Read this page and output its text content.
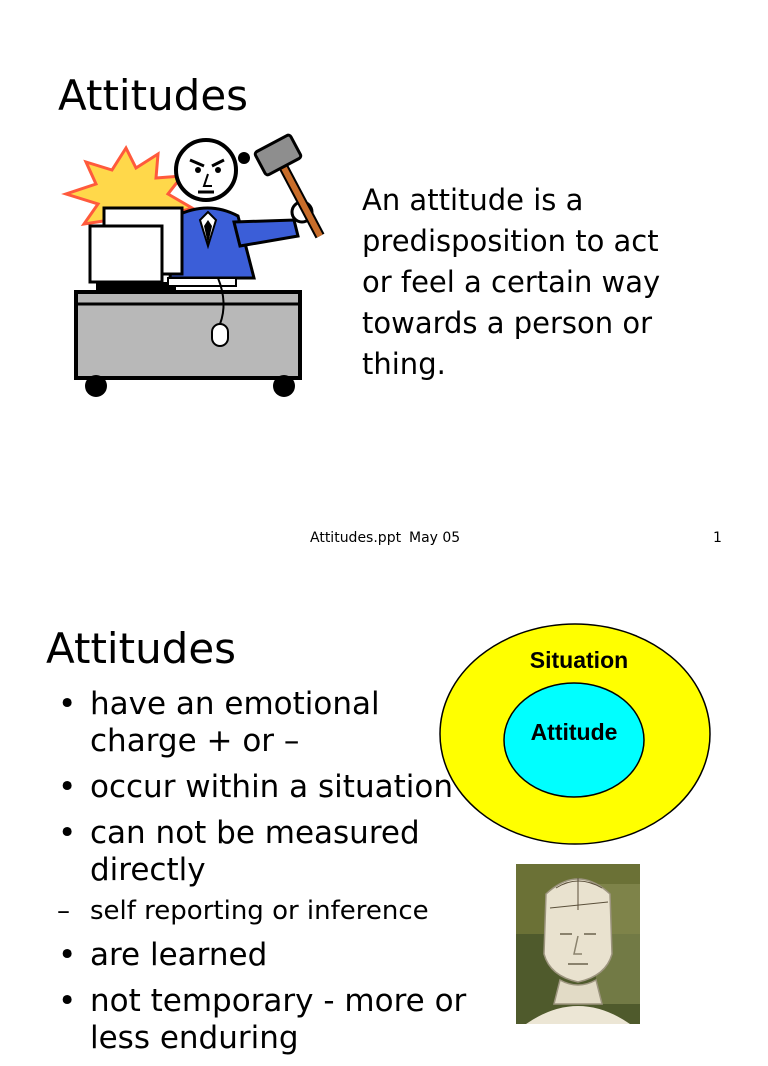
Attitudes
An attitude is a
predisposition to act
or feel a certain way
towards a person or
thing.
Attitudes.ppt May 05	1
Attitudes
• have an emotional
charge + or –
• occur within a situation
• can not be measured
directly
– self reporting or inference
• are learned
• not temporary - more or
less enduring
Situation
Attitude
